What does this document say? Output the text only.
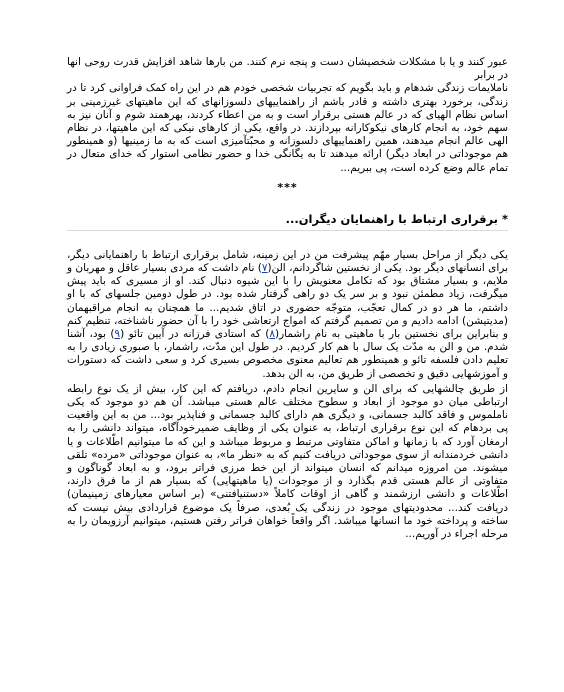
عبور کنند و یا با مشکلات شخصیشان دست و پنجه نرم کنند. من بارها شاهد افزایش قدرت روحی انها در برابر

ناملایمات زندگی شدهام و باید بگویم که تجربیات شخصی خودم هم در این راه کمک فراوانی کرد تا در زندگی، برخورد بهتری داشته و قادر باشم از راهنماییهای دلسوزانهای که این ماهیتهای غیرزمینی بر اساس نظام الهیای که در عالم هستی برقرار است و به من اعطاء کردند، بهرهمند شوم و آنان نیز به سهم خود، به انجام کارهای نیکوکارانه بپردازند. در واقع، یکی از کارهای نیکی که این ماهیتها، در نظام الهی عالم انجام میدهند، همین راهنماییهای دلسوزانه و محبّتآمیزی است که به ما زمینیها (و همینطور هم موجوداتی در ابعاد دیگر) ارائه میدهند تا به یگانگی خدا و حضور نظامی استوار که خدای متعال در تمام عالم وضع کرده است، پی ببریم...

***
* برقراری ارتباط با راهنمایان دیگران...

یکی دیگر از مراحل بسیار مهّم پیشرفت من در این زمینه، شامل برقراری ارتباط با راهنمایانی دیگر، برای انسانهای دیگر بود. یکی از نخستین شاگردانم، الن(۷) نام داشت که مردی بسیار عاقل و مهربان و ملایم، و بسیار مشتاق بود که تکامل معنویش را با این شیوه دنبال کند. او از مسیری که باید پیش میگرفت، زیاد مطمئن نبود و بر سر یک دو راهی گرفتار شده بود. در طول دومین جلسهای که با او داشتم، ما هر دو در کمال تعجّب، متوجّه حضوری در اتاق شدیم... ما همچنان به انجام مراقبهمان (مدیتیشن) ادامه دادیم و من تصمیم گرفتم که امواج ارتعاشی خود را با آن حضور ناشناخته، تنظیم کنم و بنابراین برای نخستین بار با ماهیتی به نام راشمار(۸) که استادی فرزانه در آیین تائو (۹) بود، آشنا شدم. من و الن به مدّت یک سال با هم کار کردیم. در طول این مدّت، راشمار، با صبوری زیادی را به تعلیم دادن فلسفه تائو و همینطور هم تعالیم معنوی مخصوص بسیری کرد و سعی داشت که دستورات و آموزشهایی دقیق و تخصصی از طریق من، به الن بدهد.

از طریق چالشهایی که برای الن و سایرین انجام دادم، دریافتم که این کار، بیش از یک نوع رابطه ارتباطی میان دو موجود از ابعاد و سطوح مختلف عالم هستی میباشد. آن هم دو موجود که یکی ناملموس و فاقد کالبد جسمانی، و دیگری هم دارای کالبد جسمانی و فناپذیر بود... من به این واقعیت پی بردهام که این نوع برقراری ارتباط، به عنوان یکی از وظایف ضمیرخودآگاه، میتواند دانشی را به ارمغان آورد که با زمانها و اماکن متفاوتی مرتبط و مربوط میباشد و این که ما میتوانیم اطّلاعات و یا دانشی خردمندانه از سوی موجوداتی دریافت کنیم که به «نظر ما»، به عنوان موجوداتی «مرده» تلقی میشوند. من امروزه میدانم که انسان میتواند از این خط مرزی فراتر برود، و به ابعاد گوناگون و متفاوتی از عالم هستی قدم بگذارد و از موجودات (یا ماهیتهایی) که بسیار هم از ما فرق دارند، اطّلاعات و دانشی ارزشمند و گاهی از اوقات کاملاً «دستنیافتنی» (بر اساس معیارهای زمینیمان) دریافت کند... محدودیتهای موجود در زندگی یک بُعدی، صرفاً یک موضوع قراردادی بیش نیست که ساخته و پرداخته خود ما انسانها میباشد. اگر واقعاً خواهان فراتر رفتن هستیم، میتوانیم آرزویمان را به مرحله اجراء در آوریم...
